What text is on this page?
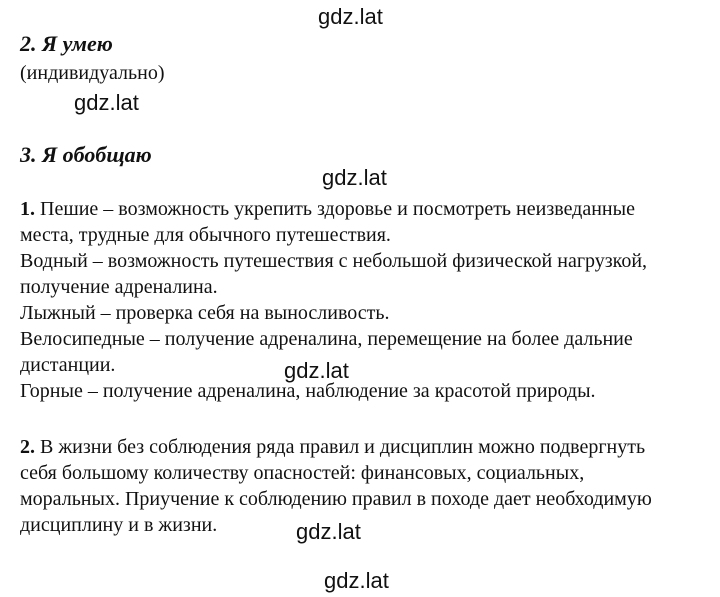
gdz.lat
gdz.lat
gdz.lat
gdz.lat
gdz.lat
gdz.lat
2. Я умею
(индивидуально)
3. Я обобщаю
1. Пешие – возможность укрепить здоровье и посмотреть неизведанные
места, трудные для обычного путешествия.
Водный – возможность путешествия с небольшой физической нагрузкой,
получение адреналина.
Лыжный – проверка себя на выносливость.
Велосипедные – получение адреналина, перемещение на более дальние
дистанции.
Горные – получение адреналина, наблюдение за красотой природы.
2. В жизни без соблюдения ряда правил и дисциплин можно подвергнуть
себя большому количеству опасностей: финансовых, социальных,
моральных. Приучение к соблюдению правил в походе дает необходимую
дисциплину и в жизни.
